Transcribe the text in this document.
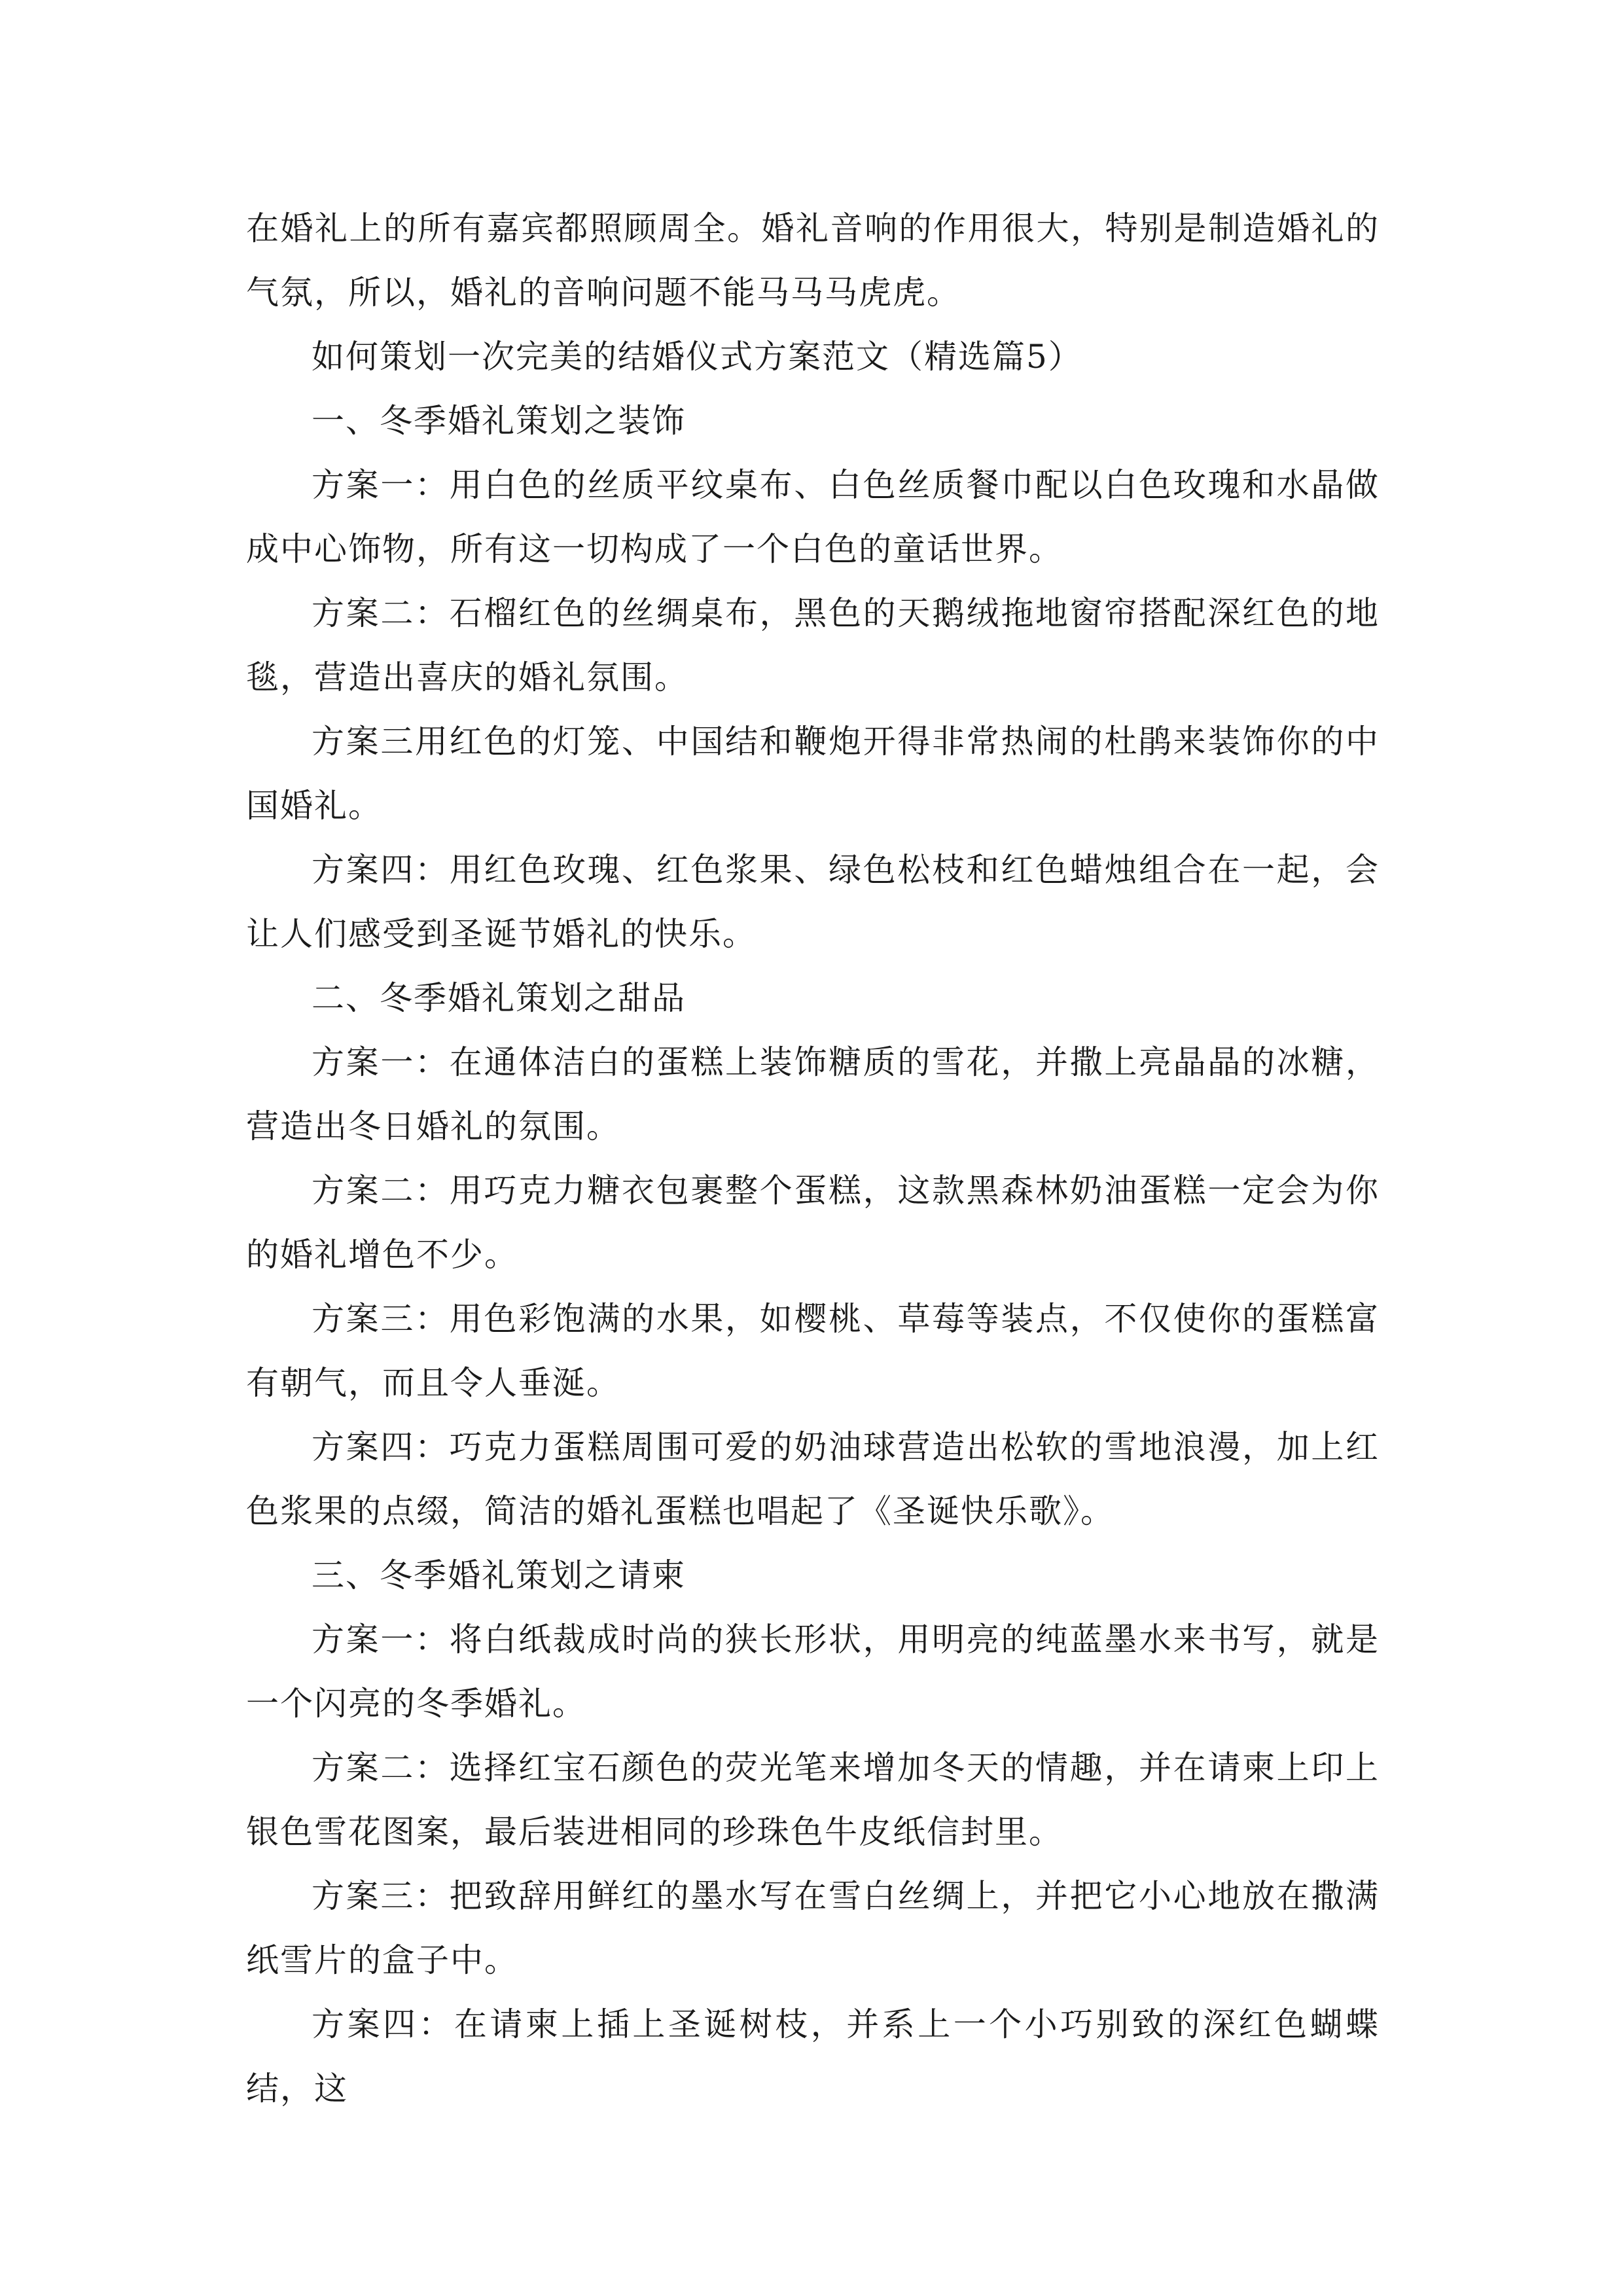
在婚礼上的所有嘉宾都照顾周全。婚礼音响的作用很大，特别是制造婚礼的气氛，所以，婚礼的音响问题不能马马马虎虎。

如何策划一次完美的结婚仪式方案范文（精选篇5）

一、冬季婚礼策划之装饰

方案一：用白色的丝质平纹桌布、白色丝质餐巾配以白色玫瑰和水晶做成中心饰物，所有这一切构成了一个白色的童话世界。

方案二：石榴红色的丝绸桌布，黑色的天鹅绒拖地窗帘搭配深红色的地毯，营造出喜庆的婚礼氛围。

方案三用红色的灯笼、中国结和鞭炮开得非常热闹的杜鹃来装饰你的中国婚礼。

方案四：用红色玫瑰、红色浆果、绿色松枝和红色蜡烛组合在一起，会让人们感受到圣诞节婚礼的快乐。

二、冬季婚礼策划之甜品

方案一：在通体洁白的蛋糕上装饰糖质的雪花，并撒上亮晶晶的冰糖，营造出冬日婚礼的氛围。

方案二：用巧克力糖衣包裹整个蛋糕，这款黑森林奶油蛋糕一定会为你的婚礼增色不少。

方案三：用色彩饱满的水果，如樱桃、草莓等装点，不仅使你的蛋糕富有朝气，而且令人垂涎。

方案四：巧克力蛋糕周围可爱的奶油球营造出松软的雪地浪漫，加上红色浆果的点缀，简洁的婚礼蛋糕也唱起了《圣诞快乐歌》。

三、冬季婚礼策划之请柬

方案一：将白纸裁成时尚的狭长形状，用明亮的纯蓝墨水来书写，就是一个闪亮的冬季婚礼。

方案二：选择红宝石颜色的荧光笔来增加冬天的情趣，并在请柬上印上银色雪花图案，最后装进相同的珍珠色牛皮纸信封里。

方案三：把致辞用鲜红的墨水写在雪白丝绸上，并把它小心地放在撒满纸雪片的盒子中。

方案四：在请柬上插上圣诞树枝，并系上一个小巧别致的深红色蝴蝶结，这
